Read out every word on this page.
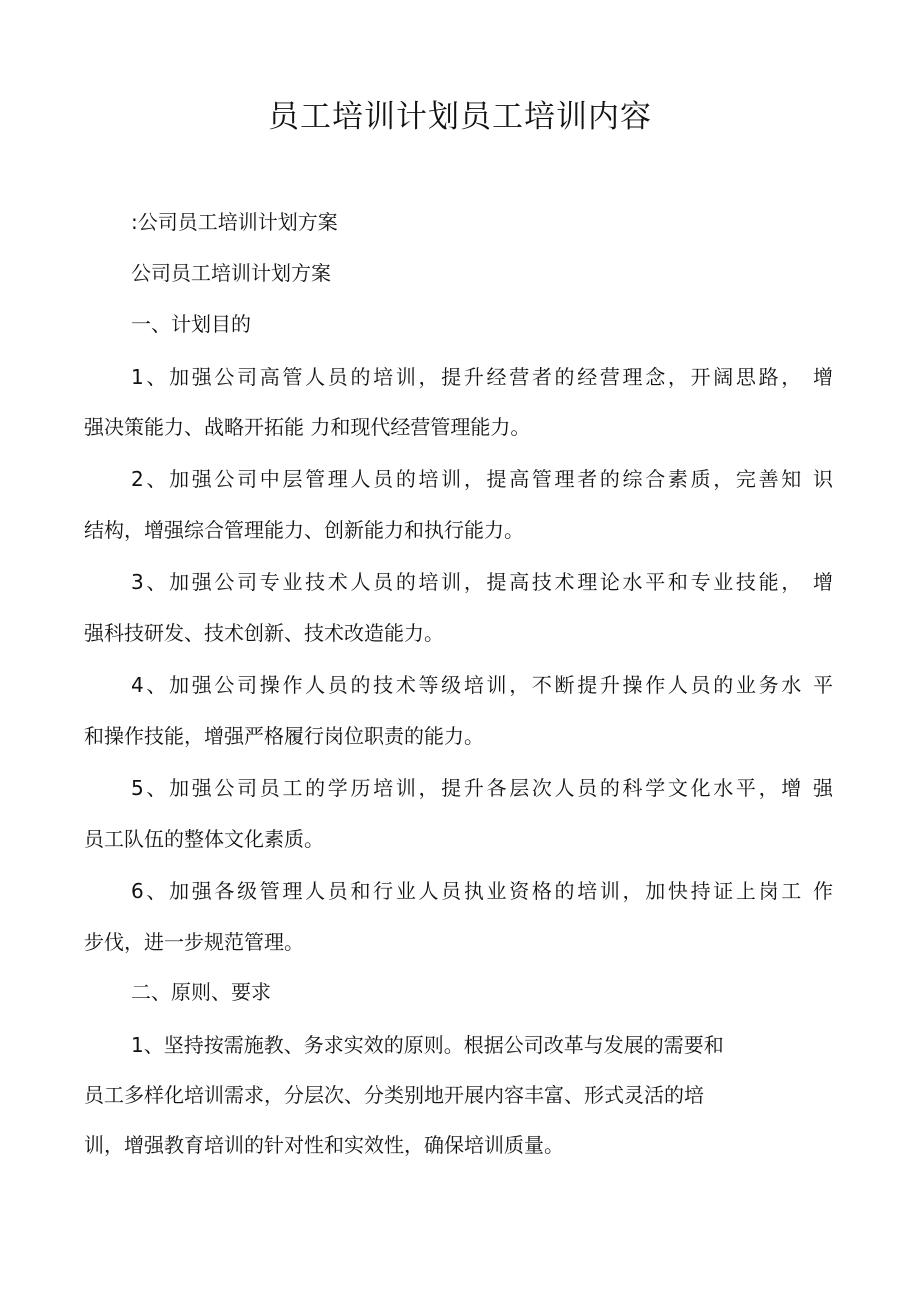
员工培训计划员工培训内容
:公司员工培训计划方案
公司员工培训计划方案
一、计划目的
1、加强公司高管人员的培训，提升经营者的经营理念，开阔思路， 增
强决策能力、战略开拓能 力和现代经营管理能力。
2、加强公司中层管理人员的培训，提高管理者的综合素质，完善知 识
结构，增强综合管理能力、创新能力和执行能力。
3、加强公司专业技术人员的培训，提高技术理论水平和专业技能， 增
强科技研发、技术创新、技术改造能力。
4、加强公司操作人员的技术等级培训，不断提升操作人员的业务水 平
和操作技能，增强严格履行岗位职责的能力。
5、加强公司员工的学历培训，提升各层次人员的科学文化水平，增 强
员工队伍的整体文化素质。
6、加强各级管理人员和行业人员执业资格的培训，加快持证上岗工 作
步伐，进一步规范管理。
二、原则、要求
1、坚持按需施教、务求实效的原则。根据公司改革与发展的需要和
员工多样化培训需求，分层次、分类别地开展内容丰富、形式灵活的培
训，增强教育培训的针对性和实效性，确保培训质量。
